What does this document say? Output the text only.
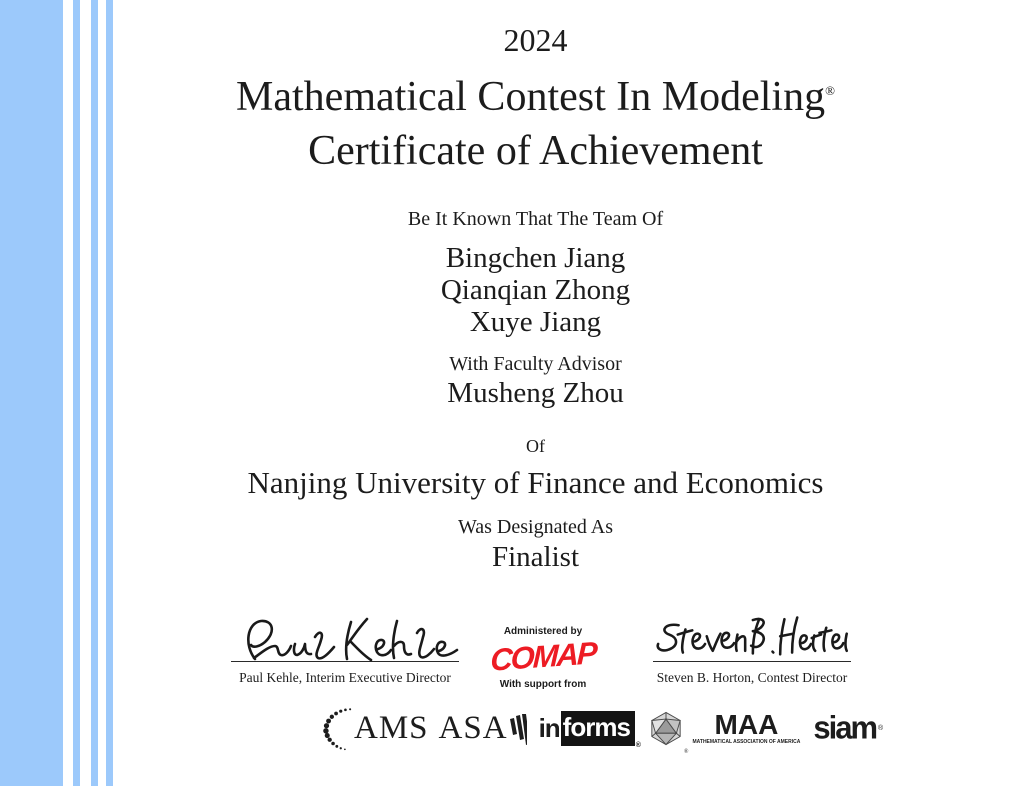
2024
Mathematical Contest In Modeling®
Certificate of Achievement
Be It Known That The Team Of
Bingchen Jiang
Qianqian Zhong
Xuye Jiang
With Faculty Advisor
Musheng Zhou
Of
Nanjing University of Finance and Economics
Was Designated As
Finalist
Paul Kehle, Interim Executive Director
Administered by
COMAP
With support from	Steven B. Horton, Contest Director
AMS ASA in forms
®
®
MAA
MATHEMATICAL ASSOCIATION OF AMERICA siam ®
